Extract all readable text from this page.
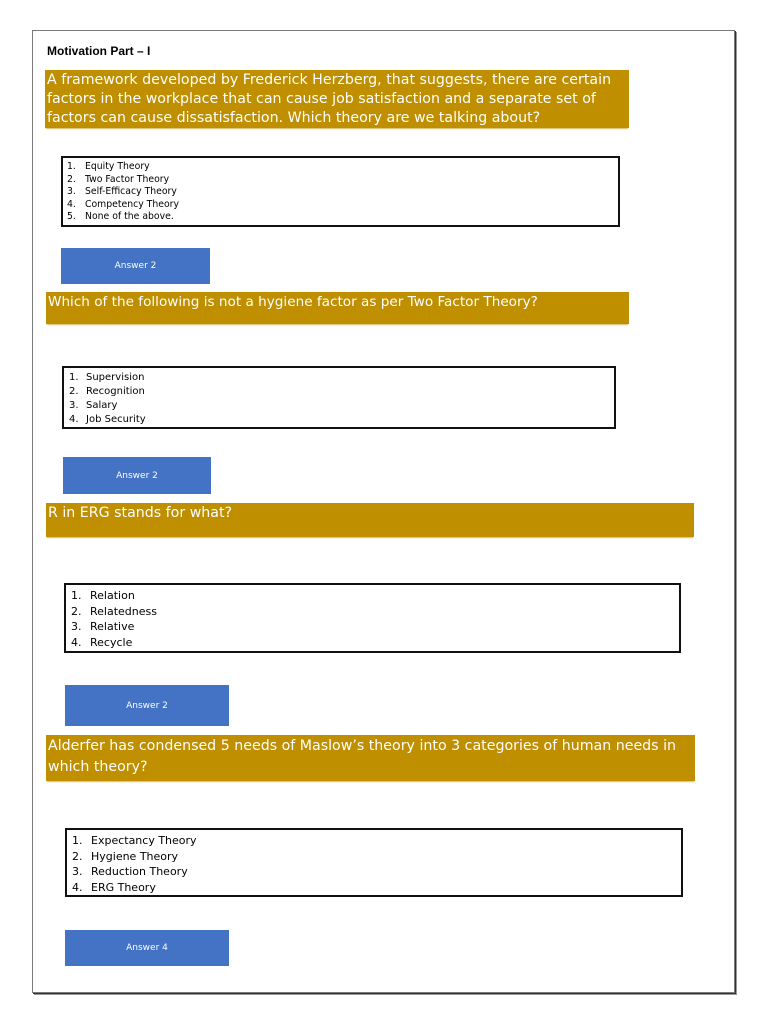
Motivation Part – I
A framework developed by Frederick Herzberg, that suggests, there are certain factors in the workplace that can cause job satisfaction and a separate set of factors can cause dissatisfaction. Which theory are we talking about?
1. Equity Theory
2. Two Factor Theory
3. Self-Efficacy Theory
4. Competency Theory
5. None of the above.
Answer 2
Which of the following is not a hygiene factor as per Two Factor Theory?
1. Supervision
2. Recognition
3. Salary
4. Job Security
Answer 2
R in ERG stands for what?
1. Relation
2. Relatedness
3. Relative
4. Recycle
Answer 2
Alderfer has condensed 5 needs of Maslow’s theory into 3 categories of human needs in which theory?
1. Expectancy Theory
2. Hygiene Theory
3. Reduction Theory
4. ERG Theory
Answer 4
